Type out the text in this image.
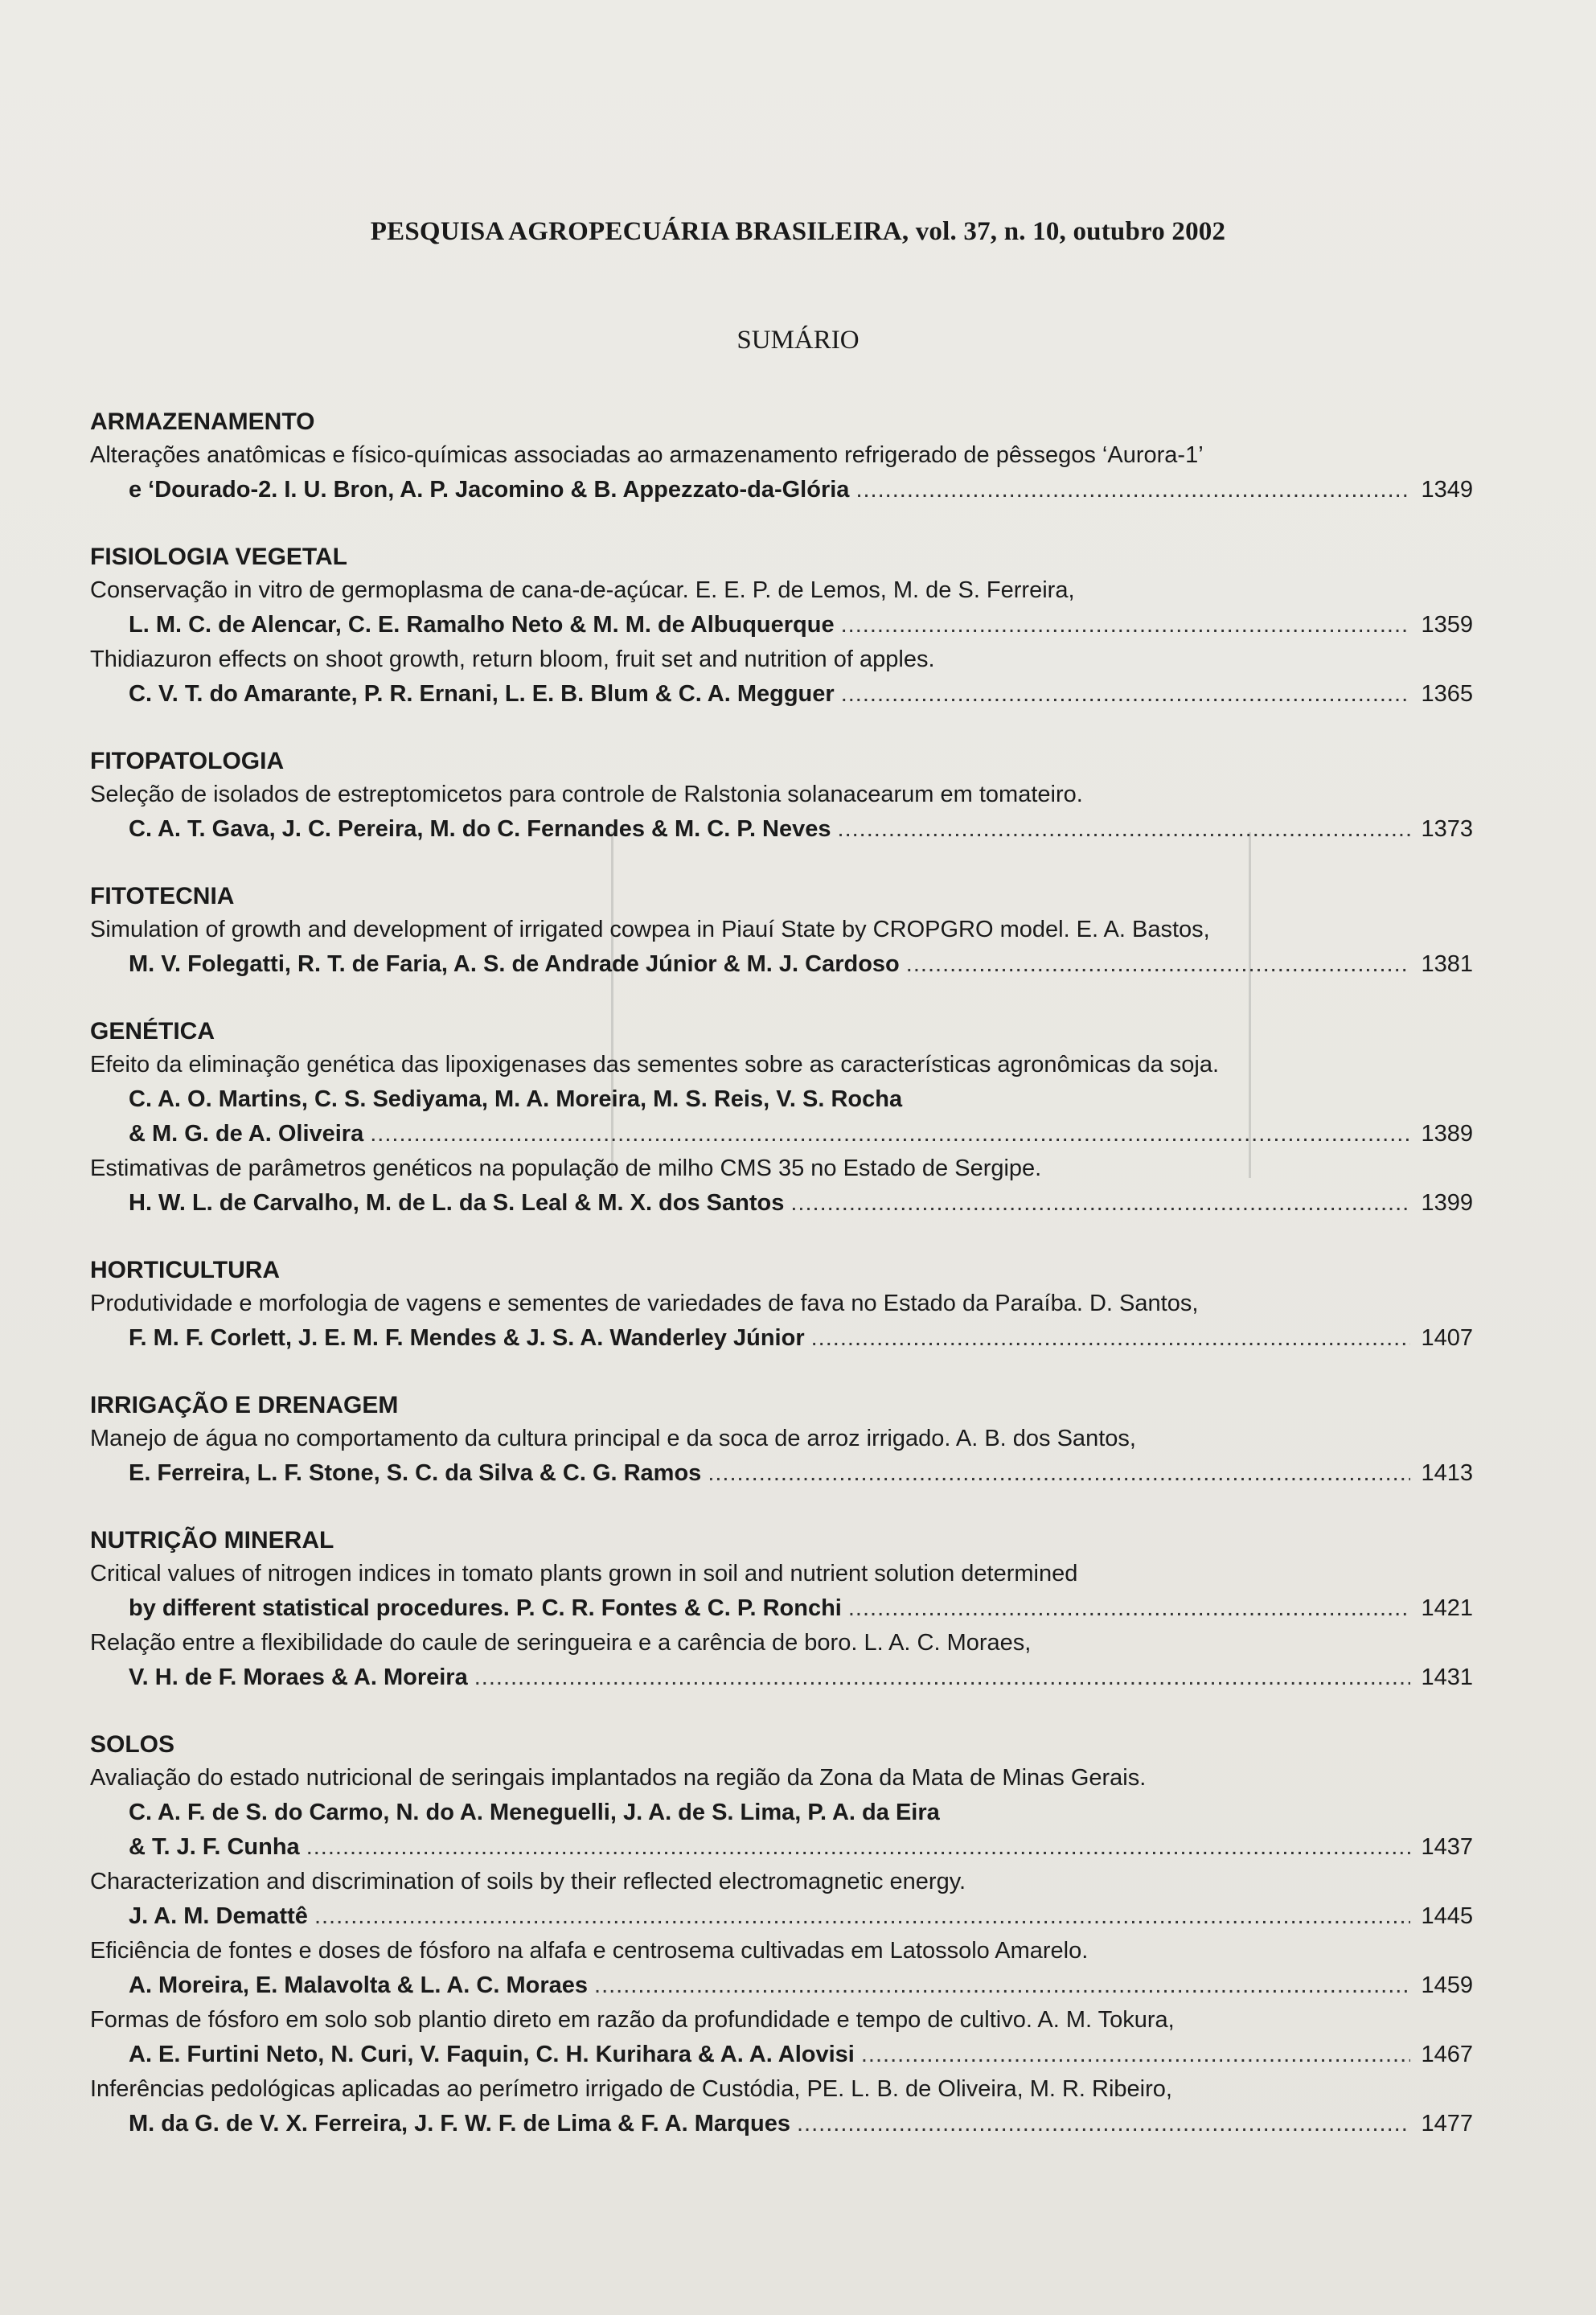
PESQUISA AGROPECUÁRIA BRASILEIRA, vol. 37, n. 10, outubro 2002
SUMÁRIO
ARMAZENAMENTO
Alterações anatômicas e físico-químicas associadas ao armazenamento refrigerado de pêssegos ‘Aurora-1’
e ‘Dourado-2. I. U. Bron, A. P. Jacomino & B. Appezzato-da-Glória .....	1349
FISIOLOGIA VEGETAL
Conservação in vitro de germoplasma de cana-de-açúcar. E. E. P. de Lemos, M. de S. Ferreira,
L. M. C. de Alencar, C. E. Ramalho Neto & M. M. de Albuquerque .....	1359
Thidiazuron effects on shoot growth, return bloom, fruit set and nutrition of apples.
C. V. T. do Amarante, P. R. Ernani, L. E. B. Blum & C. A. Megguer .....	1365
FITOPATOLOGIA
Seleção de isolados de estreptomicetos para controle de Ralstonia solanacearum em tomateiro.
C. A. T. Gava, J. C. Pereira, M. do C. Fernandes & M. C. P. Neves .....	1373
FITOTECNIA
Simulation of growth and development of irrigated cowpea in Piauí State by CROPGRO model. E. A. Bastos,
M. V. Folegatti, R. T. de Faria, A. S. de Andrade Júnior & M. J. Cardoso .....	1381
GENÉTICA
Efeito da eliminação genética das lipoxigenases das sementes sobre as características agronômicas da soja.
C. A. O. Martins, C. S. Sediyama, M. A. Moreira, M. S. Reis, V. S. Rocha
& M. G. de A. Oliveira .....	1389
Estimativas de parâmetros genéticos na população de milho CMS 35 no Estado de Sergipe.
H. W. L. de Carvalho, M. de L. da S. Leal & M. X. dos Santos .....	1399
HORTICULTURA
Produtividade e morfologia de vagens e sementes de variedades de fava no Estado da Paraíba. D. Santos,
F. M. F. Corlett, J. E. M. F. Mendes & J. S. A. Wanderley Júnior .....	1407
IRRIGAÇÃO E DRENAGEM
Manejo de água no comportamento da cultura principal e da soca de arroz irrigado. A. B. dos Santos,
E. Ferreira, L. F. Stone, S. C. da Silva & C. G. Ramos .....	1413
NUTRIÇÃO MINERAL
Critical values of nitrogen indices in tomato plants grown in soil and nutrient solution determined
by different statistical procedures. P. C. R. Fontes & C. P. Ronchi .....	1421
Relação entre a flexibilidade do caule de seringueira e a carência de boro. L. A. C. Moraes,
V. H. de F. Moraes & A. Moreira .....	1431
SOLOS
Avaliação do estado nutricional de seringais implantados na região da Zona da Mata de Minas Gerais.
C. A. F. de S. do Carmo, N. do A. Meneguelli, J. A. de S. Lima, P. A. da Eira
& T. J. F. Cunha .....	1437
Characterization and discrimination of soils by their reflected electromagnetic energy.
J. A. M. Demattê .....	1445
Eficiência de fontes e doses de fósforo na alfafa e centrosema cultivadas em Latossolo Amarelo.
A. Moreira, E. Malavolta & L. A. C. Moraes .....	1459
Formas de fósforo em solo sob plantio direto em razão da profundidade e tempo de cultivo. A. M. Tokura,
A. E. Furtini Neto, N. Curi, V. Faquin, C. H. Kurihara & A. A. Alovisi .....	1467
Inferências pedológicas aplicadas ao perímetro irrigado de Custódia, PE. L. B. de Oliveira, M. R. Ribeiro,
M. da G. de V. X. Ferreira, J. F. W. F. de Lima & F. A. Marques .....	1477
